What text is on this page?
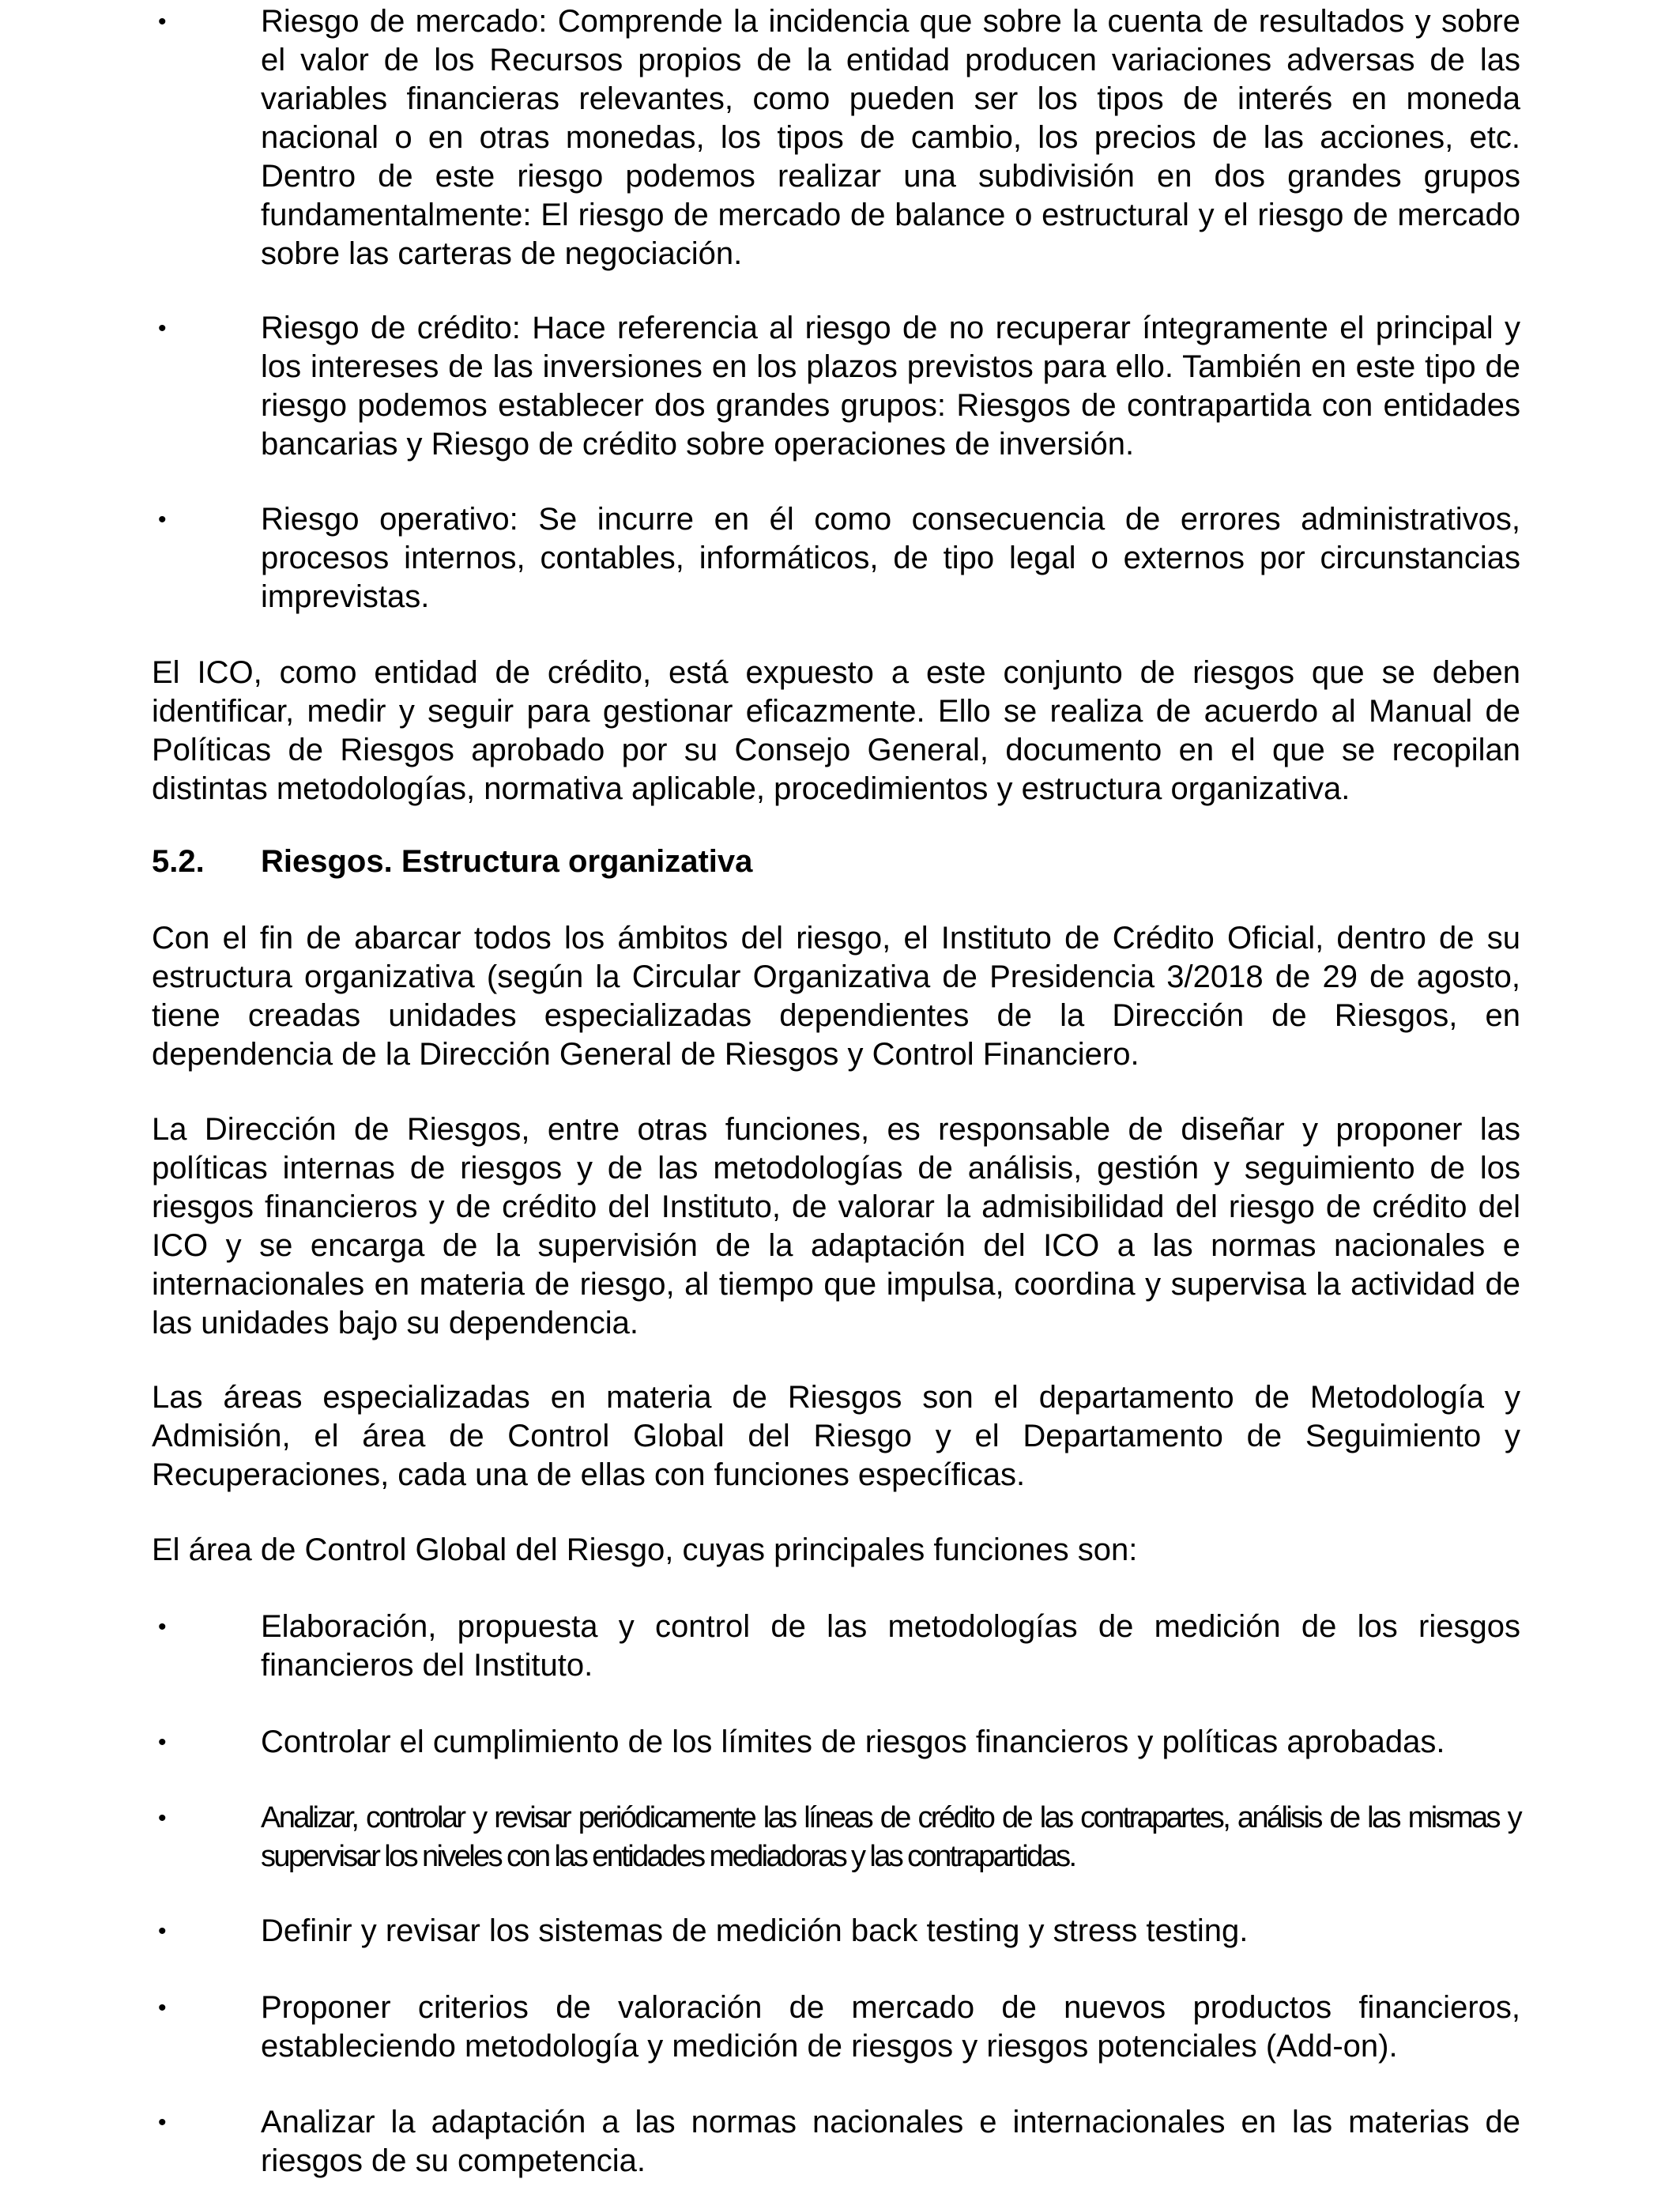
•	Riesgo de mercado: Comprende la incidencia que sobre la cuenta de resultados y sobre el valor de los Recursos propios de la entidad producen variaciones adversas de las variables financieras relevantes, como pueden ser los tipos de interés en moneda nacional o en otras monedas, los tipos de cambio, los precios de las acciones, etc. Dentro de este riesgo podemos realizar una subdivisión en dos grandes grupos fundamentalmente: El riesgo de mercado de balance o estructural y el riesgo de mercado sobre las carteras de negociación.
•	Riesgo de crédito: Hace referencia al riesgo de no recuperar íntegramente el principal y los intereses de las inversiones en los plazos previstos para ello. También en este tipo de riesgo podemos establecer dos grandes grupos: Riesgos de contrapartida con entidades bancarias y Riesgo de crédito sobre operaciones de inversión.
•	Riesgo operativo: Se incurre en él como consecuencia de errores administrativos, procesos internos, contables, informáticos, de tipo legal o externos por circunstancias imprevistas.

El ICO, como entidad de crédito, está expuesto a este conjunto de riesgos que se deben identificar, medir y seguir para gestionar eficazmente. Ello se realiza de acuerdo al Manual de Políticas de Riesgos aprobado por su Consejo General, documento en el que se recopilan distintas metodologías, normativa aplicable, procedimientos y estructura organizativa.

5.2. Riesgos. Estructura organizativa

Con el fin de abarcar todos los ámbitos del riesgo, el Instituto de Crédito Oficial, dentro de su estructura organizativa (según la Circular Organizativa de Presidencia 3/2018 de 29 de agosto, tiene creadas unidades especializadas dependientes de la Dirección de Riesgos, en dependencia de la Dirección General de Riesgos y Control Financiero.

La Dirección de Riesgos, entre otras funciones, es responsable de diseñar y proponer las políticas internas de riesgos y de las metodologías de análisis, gestión y seguimiento de los riesgos financieros y de crédito del Instituto, de valorar la admisibilidad del riesgo de crédito del ICO y se encarga de la supervisión de la adaptación del ICO a las normas nacionales e internacionales en materia de riesgo, al tiempo que impulsa, coordina y supervisa la actividad de las unidades bajo su dependencia.

Las áreas especializadas en materia de Riesgos son el departamento de Metodología y Admisión, el área de Control Global del Riesgo y el Departamento de Seguimiento y Recuperaciones, cada una de ellas con funciones específicas.

El área de Control Global del Riesgo, cuyas principales funciones son:

•	Elaboración, propuesta y control de las metodologías de medición de los riesgos financieros del Instituto.
•	Controlar el cumplimiento de los límites de riesgos financieros y políticas aprobadas.
•	Analizar, controlar y revisar periódicamente las líneas de crédito de las contrapartes, análisis de las mismas y supervisar los niveles con las entidades mediadoras y las contrapartidas.
•	Definir y revisar los sistemas de medición back testing y stress testing.
•	Proponer criterios de valoración de mercado de nuevos productos financieros, estableciendo metodología y medición de riesgos y riesgos potenciales (Add-on).
•	Analizar la adaptación a las normas nacionales e internacionales en las materias de riesgos de su competencia.
